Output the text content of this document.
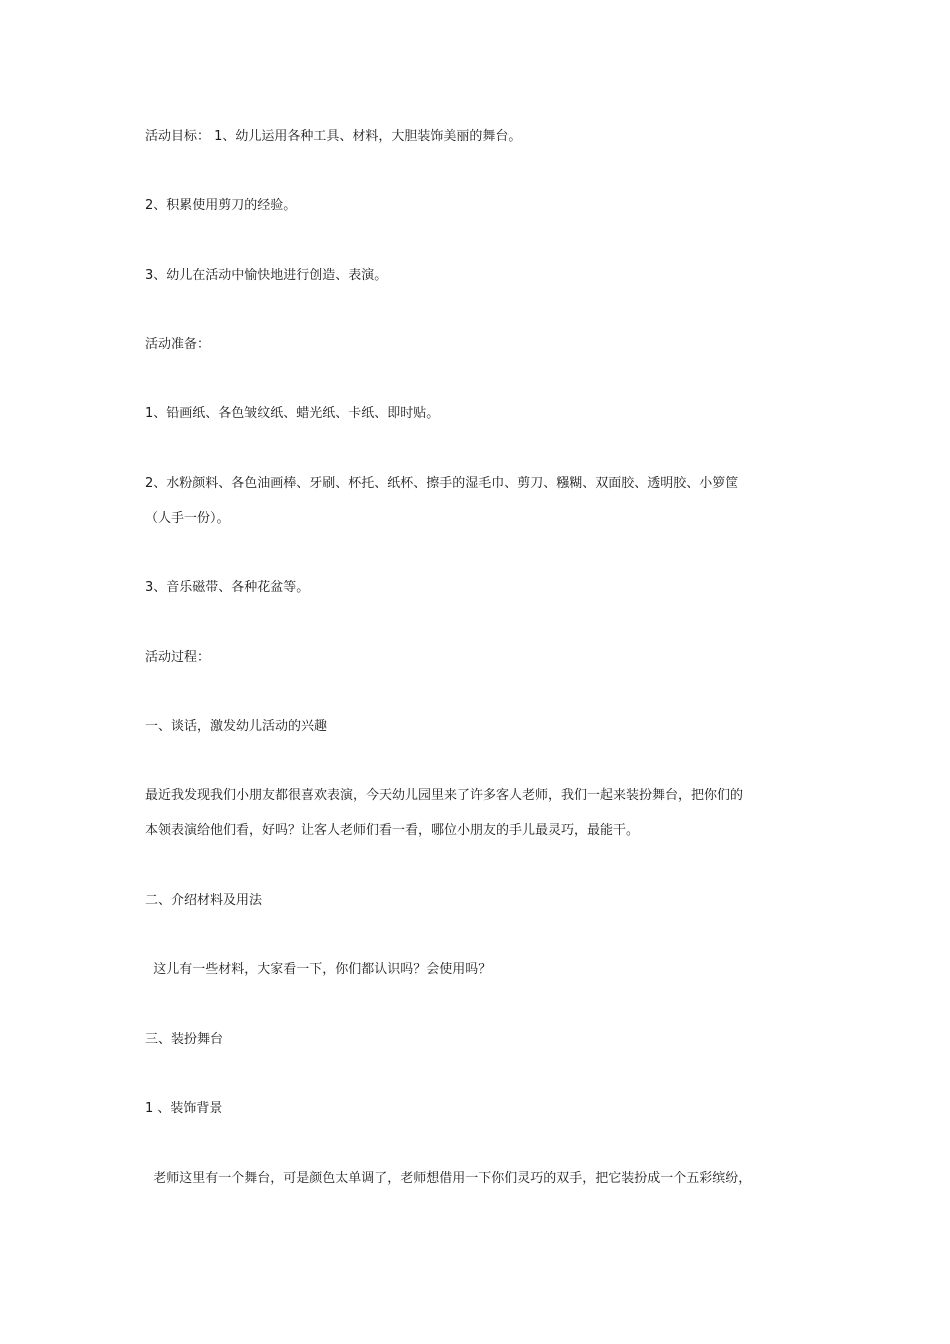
活动目标： 1、幼儿运用各种工具、材料，大胆装饰美丽的舞台。

2、积累使用剪刀的经验。

3、幼儿在活动中愉快地进行创造、表演。

活动准备：

1、铅画纸、各色皱纹纸、蜡光纸、卡纸、即时贴。

2、水粉颜料、各色油画棒、牙刷、杯托、纸杯、擦手的湿毛巾、剪刀、糨糊、双面胶、透明胶、小箩筐
（人手一份）。

3、音乐磁带、各种花盆等。

活动过程：

一、谈话，激发幼儿活动的兴趣

最近我发现我们小朋友都很喜欢表演，今天幼儿园里来了许多客人老师，我们一起来装扮舞台，把你们的
本领表演给他们看，好吗？让客人老师们看一看，哪位小朋友的手儿最灵巧，最能干。

二、介绍材料及用法

这儿有一些材料，大家看一下，你们都认识吗？会使用吗？

三、装扮舞台

1 、装饰背景

老师这里有一个舞台，可是颜色太单调了，老师想借用一下你们灵巧的双手，把它装扮成一个五彩缤纷，
